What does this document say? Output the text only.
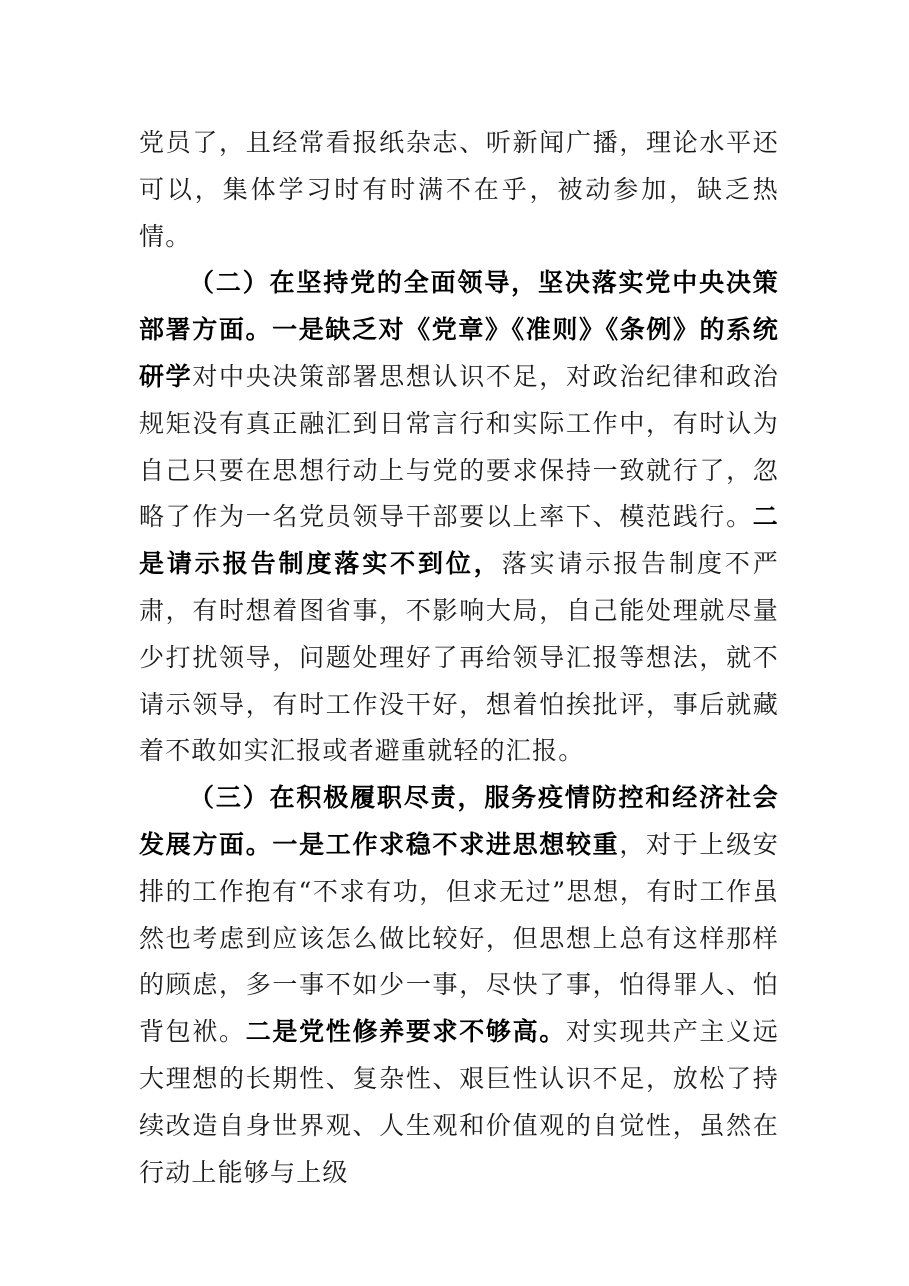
党员了，且经常看报纸杂志、听新闻广播，理论水平还可以，集体学习时有时满不在乎，被动参加，缺乏热情。

（二）在坚持党的全面领导，坚决落实党中央决策部署方面。一是缺乏对《党章》《准则》《条例》的系统研学对中央决策部署思想认识不足，对政治纪律和政治规矩没有真正融汇到日常言行和实际工作中，有时认为自己只要在思想行动上与党的要求保持一致就行了，忽略了作为一名党员领导干部要以上率下、模范践行。二是请示报告制度落实不到位，落实请示报告制度不严肃，有时想着图省事，不影响大局，自己能处理就尽量少打扰领导，问题处理好了再给领导汇报等想法，就不请示领导，有时工作没干好，想着怕挨批评，事后就藏着不敢如实汇报或者避重就轻的汇报。

（三）在积极履职尽责，服务疫情防控和经济社会发展方面。一是工作求稳不求进思想较重，对于上级安排的工作抱有“不求有功，但求无过”思想，有时工作虽然也考虑到应该怎么做比较好，但思想上总有这样那样的顾虑，多一事不如少一事，尽快了事，怕得罪人、怕背包袱。二是党性修养要求不够高。对实现共产主义远大理想的长期性、复杂性、艰巨性认识不足，放松了持续改造自身世界观、人生观和价值观的自觉性，虽然在行动上能够与上级
